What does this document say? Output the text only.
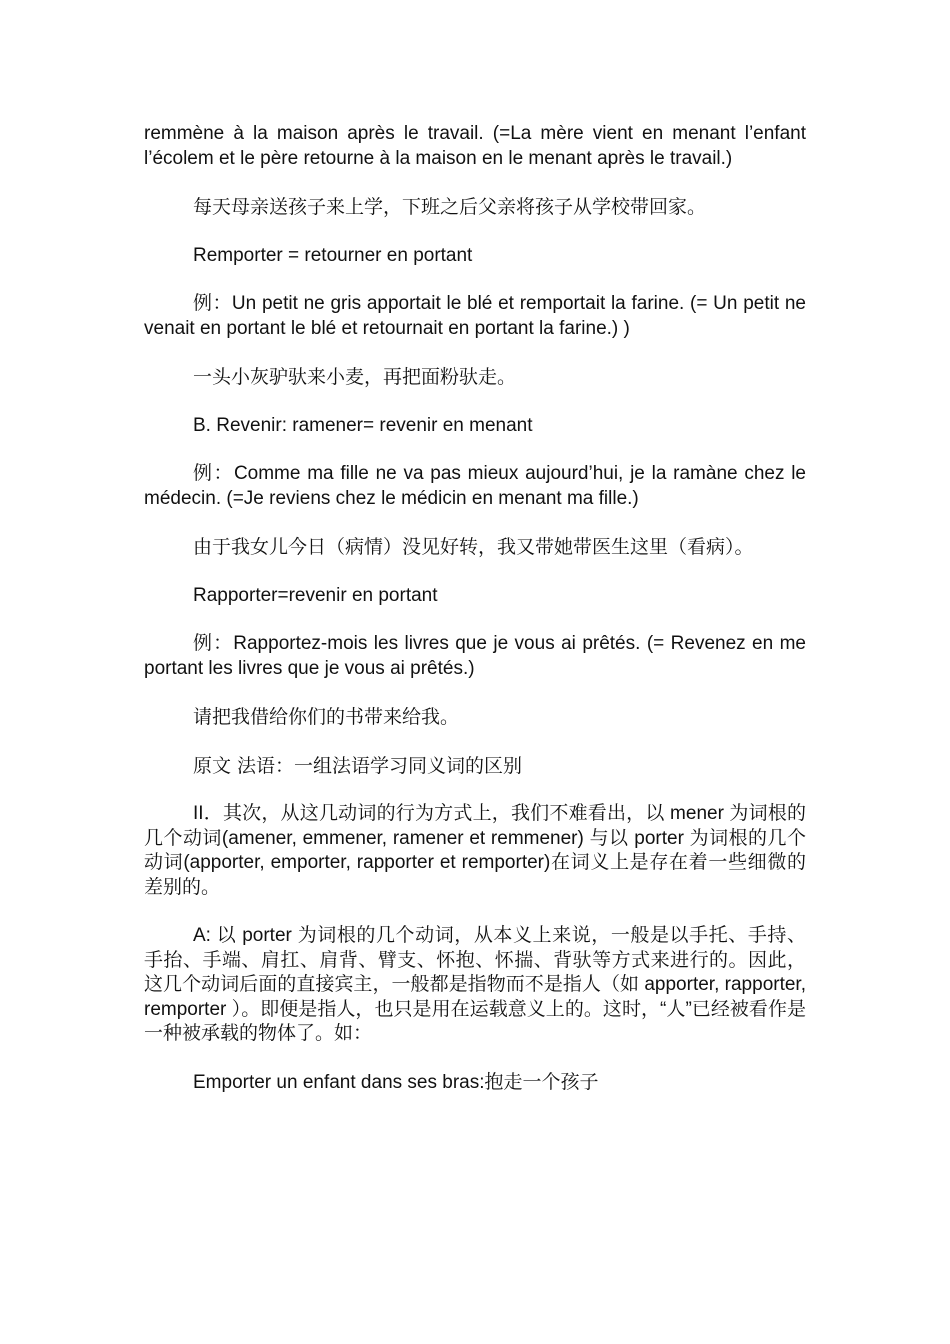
remmène à la maison après le travail. (=La mère vient en menant l’enfant l’écolem et le père retourne à la maison en le menant après le travail.)

每天母亲送孩子来上学，下班之后父亲将孩子从学校带回家。

Remporter = retourner en portant

例：Un petit ne gris apportait le blé et remportait la farine. (= Un petit ne venait en portant le blé et retournait en portant la farine.) )

一头小灰驴驮来小麦，再把面粉驮走。

B. Revenir: ramener= revenir en menant

例：Comme ma fille ne va pas mieux aujourd’hui, je la ramàne chez le médecin. (=Je reviens chez le médicin en menant ma fille.)

由于我女儿今日（病情）没见好转，我又带她带医生这里（看病）。

Rapporter=revenir en portant

例：Rapportez-mois les livres que je vous ai prêtés. (= Revenez en me portant les livres que je vous ai prêtés.)

请把我借给你们的书带来给我。

原文 法语：一组法语学习同义词的区别

II．其次，从这几动词的行为方式上，我们不难看出，以 mener 为词根的几个动词(amener, emmener, ramener et remmener) 与以 porter 为词根的几个动词(apporter, emporter, rapporter et remporter)在词义上是存在着一些细微的差别的。

A: 以 porter 为词根的几个动词，从本义上来说，一般是以手托、手持、手抬、手端、肩扛、肩背、臂支、怀抱、怀揣、背驮等方式来进行的。因此，这几个动词后面的直接宾主，一般都是指物而不是指人（如 apporter, rapporter, remporter ）。即便是指人，也只是用在运载意义上的。这时，“人”已经被看作是一种被承载的物体了。如：

Emporter un enfant dans ses bras:抱走一个孩子
